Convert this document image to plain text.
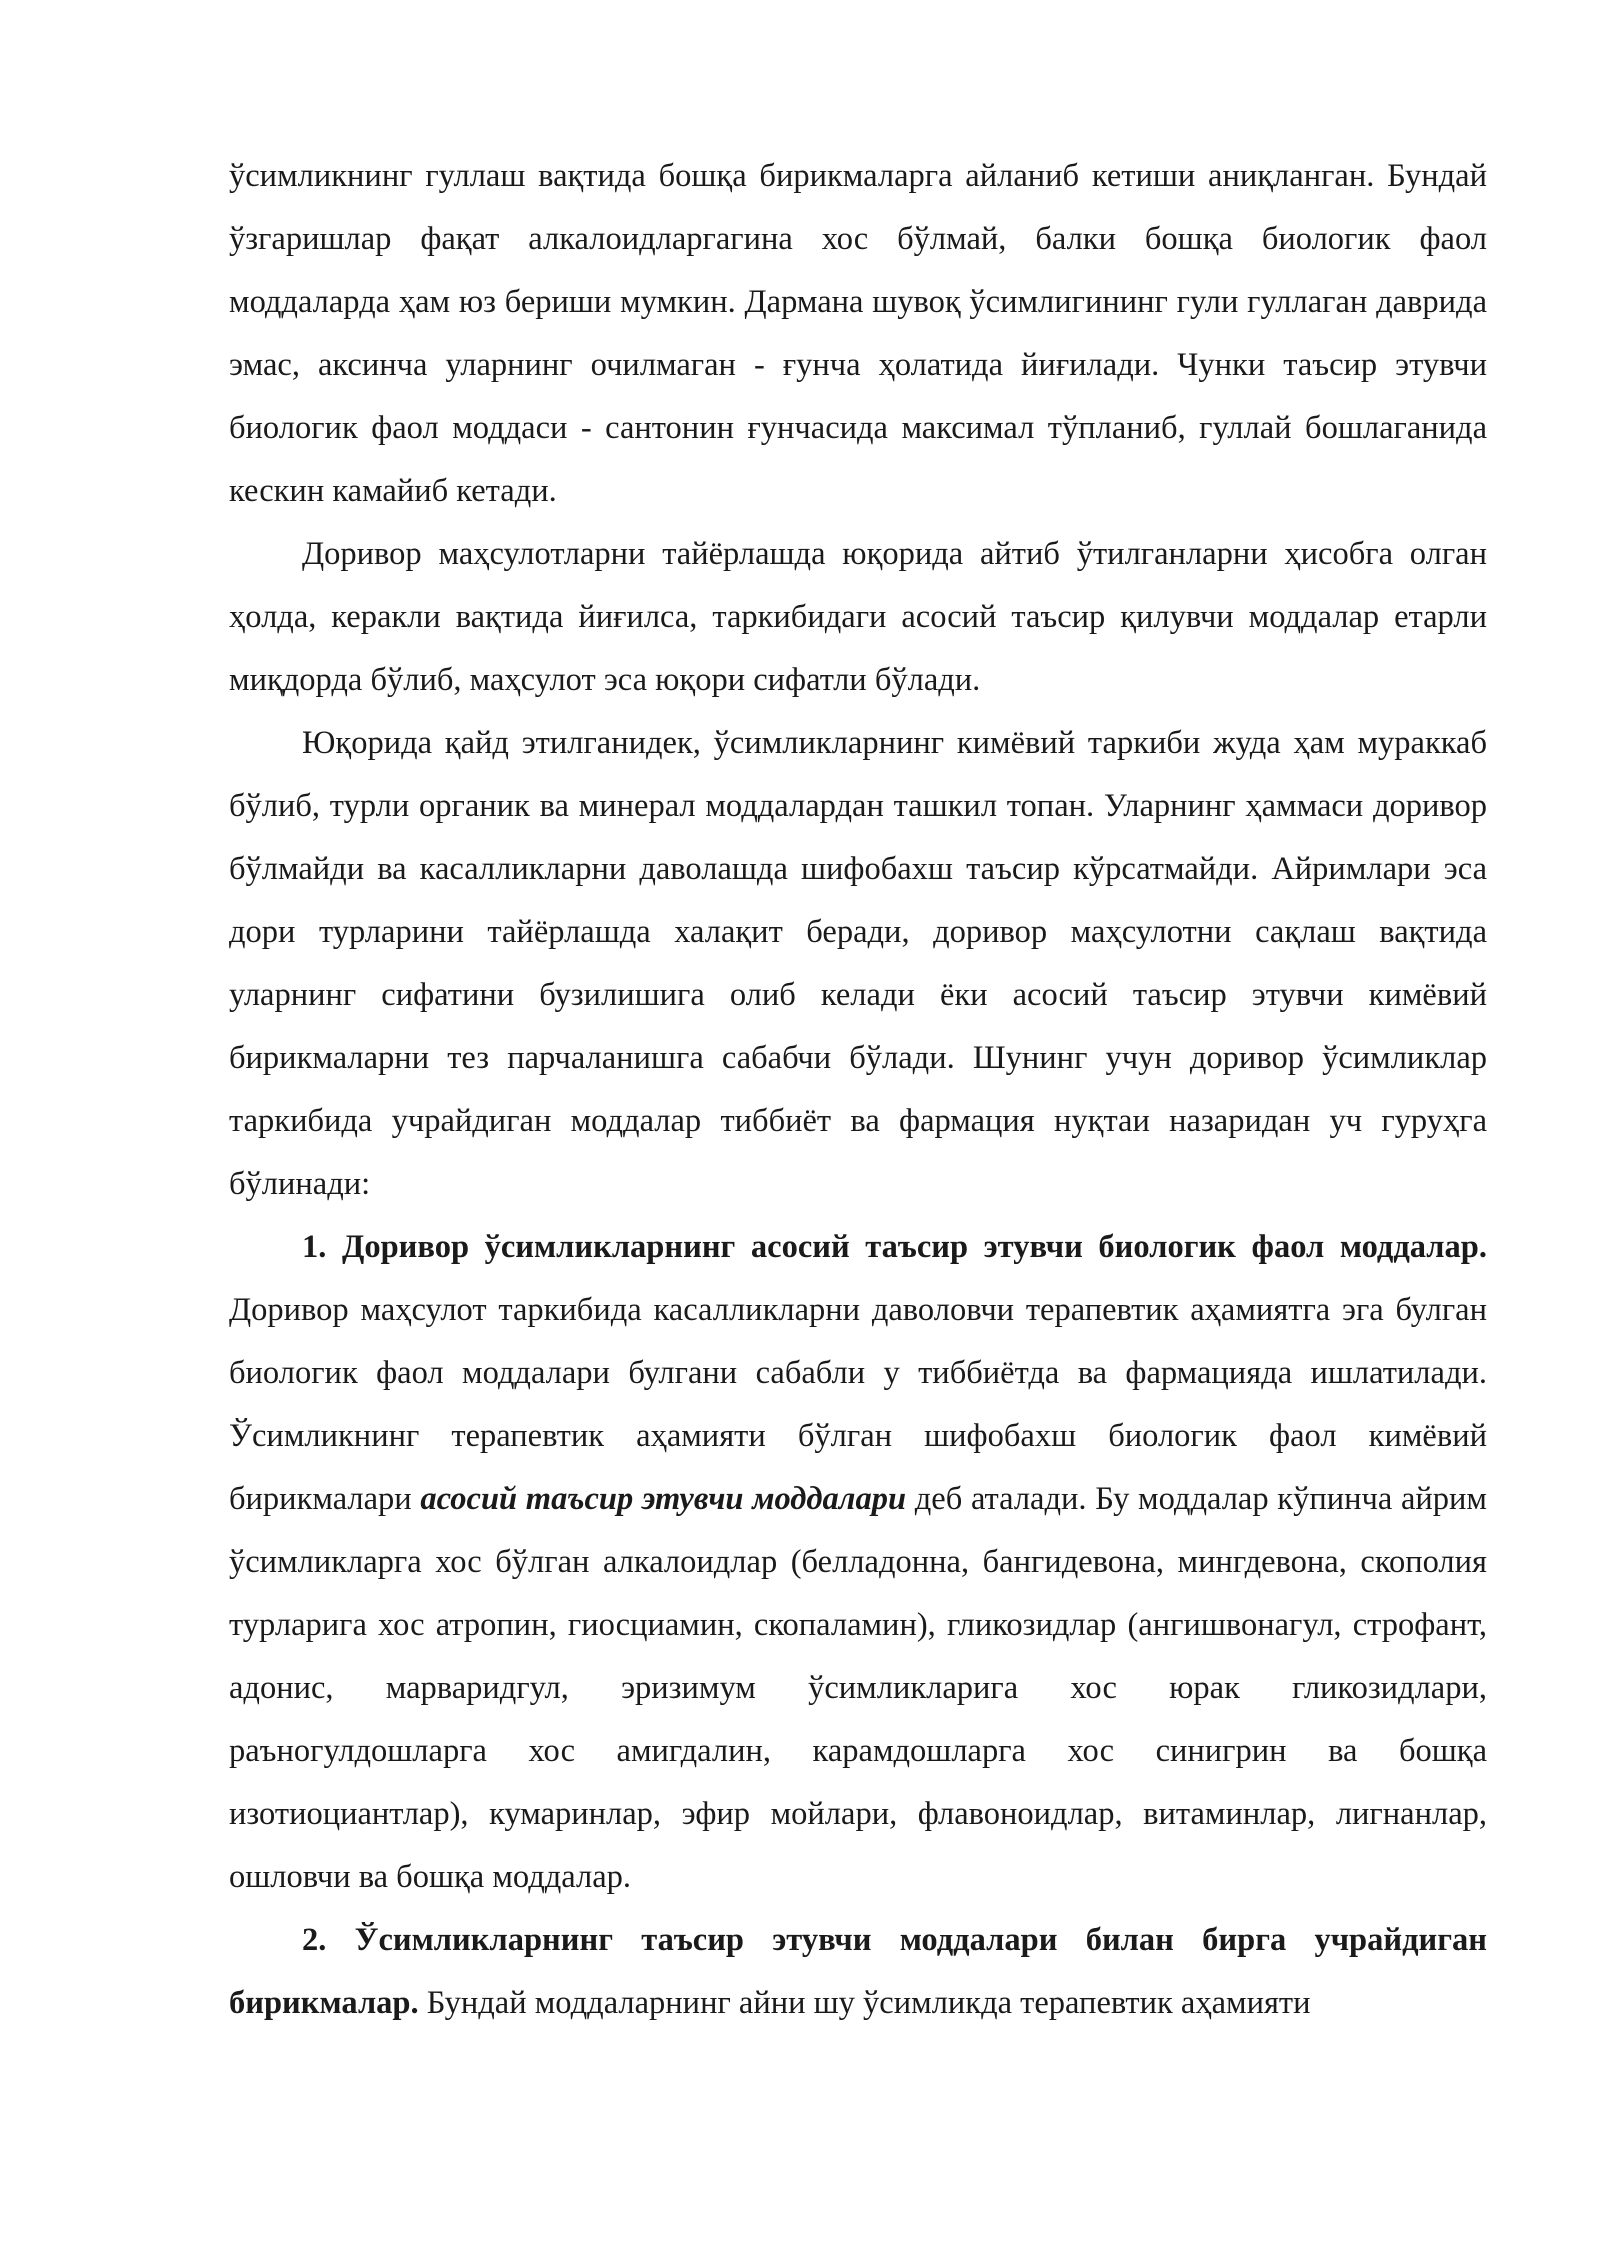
ўсимликнинг гуллаш вақтида бошқа бирикмаларга айланиб кетиши аниқланган. Бундай ўзгаришлар фақат алкалоидларгагина хос бўлмай, балки бошқа биологик фаол моддаларда ҳам юз бериши мумкин. Дармана шувоқ ўсимлигининг гули гуллаган даврида эмас, аксинча уларнинг очилмаган - ғунча ҳолатида йиғилади. Чунки таъсир этувчи биологик фаол моддаси - сантонин ғунчасида максимал тўпланиб, гуллай бошлаганида кескин камайиб кетади.

Доривор маҳсулотларни тайёрлашда юқорида айтиб ўтилганларни ҳисобга олган ҳолда, керакли вақтида йиғилса, таркибидаги асосий таъсир қилувчи моддалар етарли миқдорда бўлиб, маҳсулот эса юқори сифатли бўлади.

Юқорида қайд этилганидек, ўсимликларнинг кимёвий таркиби жуда ҳам мураккаб бўлиб, турли органик ва минерал моддалардан ташкил топан. Уларнинг ҳаммаси доривор бўлмайди ва касалликларни даволашда шифобахш таъсир кўрсатмайди. Айримлари эса дори турларини тайёрлашда халақит беради, доривор маҳсулотни сақлаш вақтида уларнинг сифатини бузилишига олиб келади ёки асосий таъсир этувчи кимёвий бирикмаларни тез парчаланишга сабабчи бўлади. Шунинг учун доривор ўсимликлар таркибида учрайдиган моддалар тиббиёт ва фармация нуқтаи назаридан уч гуруҳга бўлинади:

1. Доривор ўсимликларнинг асосий таъсир этувчи биологик фаол моддалар. Доривор маҳсулот таркибида касалликларни даволовчи терапевтик аҳамиятга эга булган биологик фаол моддалари булгани сабабли у тиббиётда ва фармацияда ишлатилади. Ўсимликнинг терапевтик аҳамияти бўлган шифобахш биологик фаол кимёвий бирикмалари асосий таъсир этувчи моддалари деб аталади. Бу моддалар кўпинча айрим ўсимликларга хос бўлган алкалоидлар (белладонна, бангидевона, мингдевона, скополия турларига хос атропин, гиосциамин, скопаламин), гликозидлар (ангишвонагул, строфант, адонис, марваридгул, эризимум ўсимликларига хос юрак гликозидлари, раъногулдошларга хос амигдалин, карамдошларга хос синигрин ва бошқа изотиоциантлар), кумаринлар, эфир мойлари, флавоноидлар, витаминлар, лигнанлар, ошловчи ва бошқа моддалар.

2. Ўсимликларнинг таъсир этувчи моддалари билан бирга учрайдиган бирикмалар. Бундай моддаларнинг айни шу ўсимликда терапевтик аҳамияти
